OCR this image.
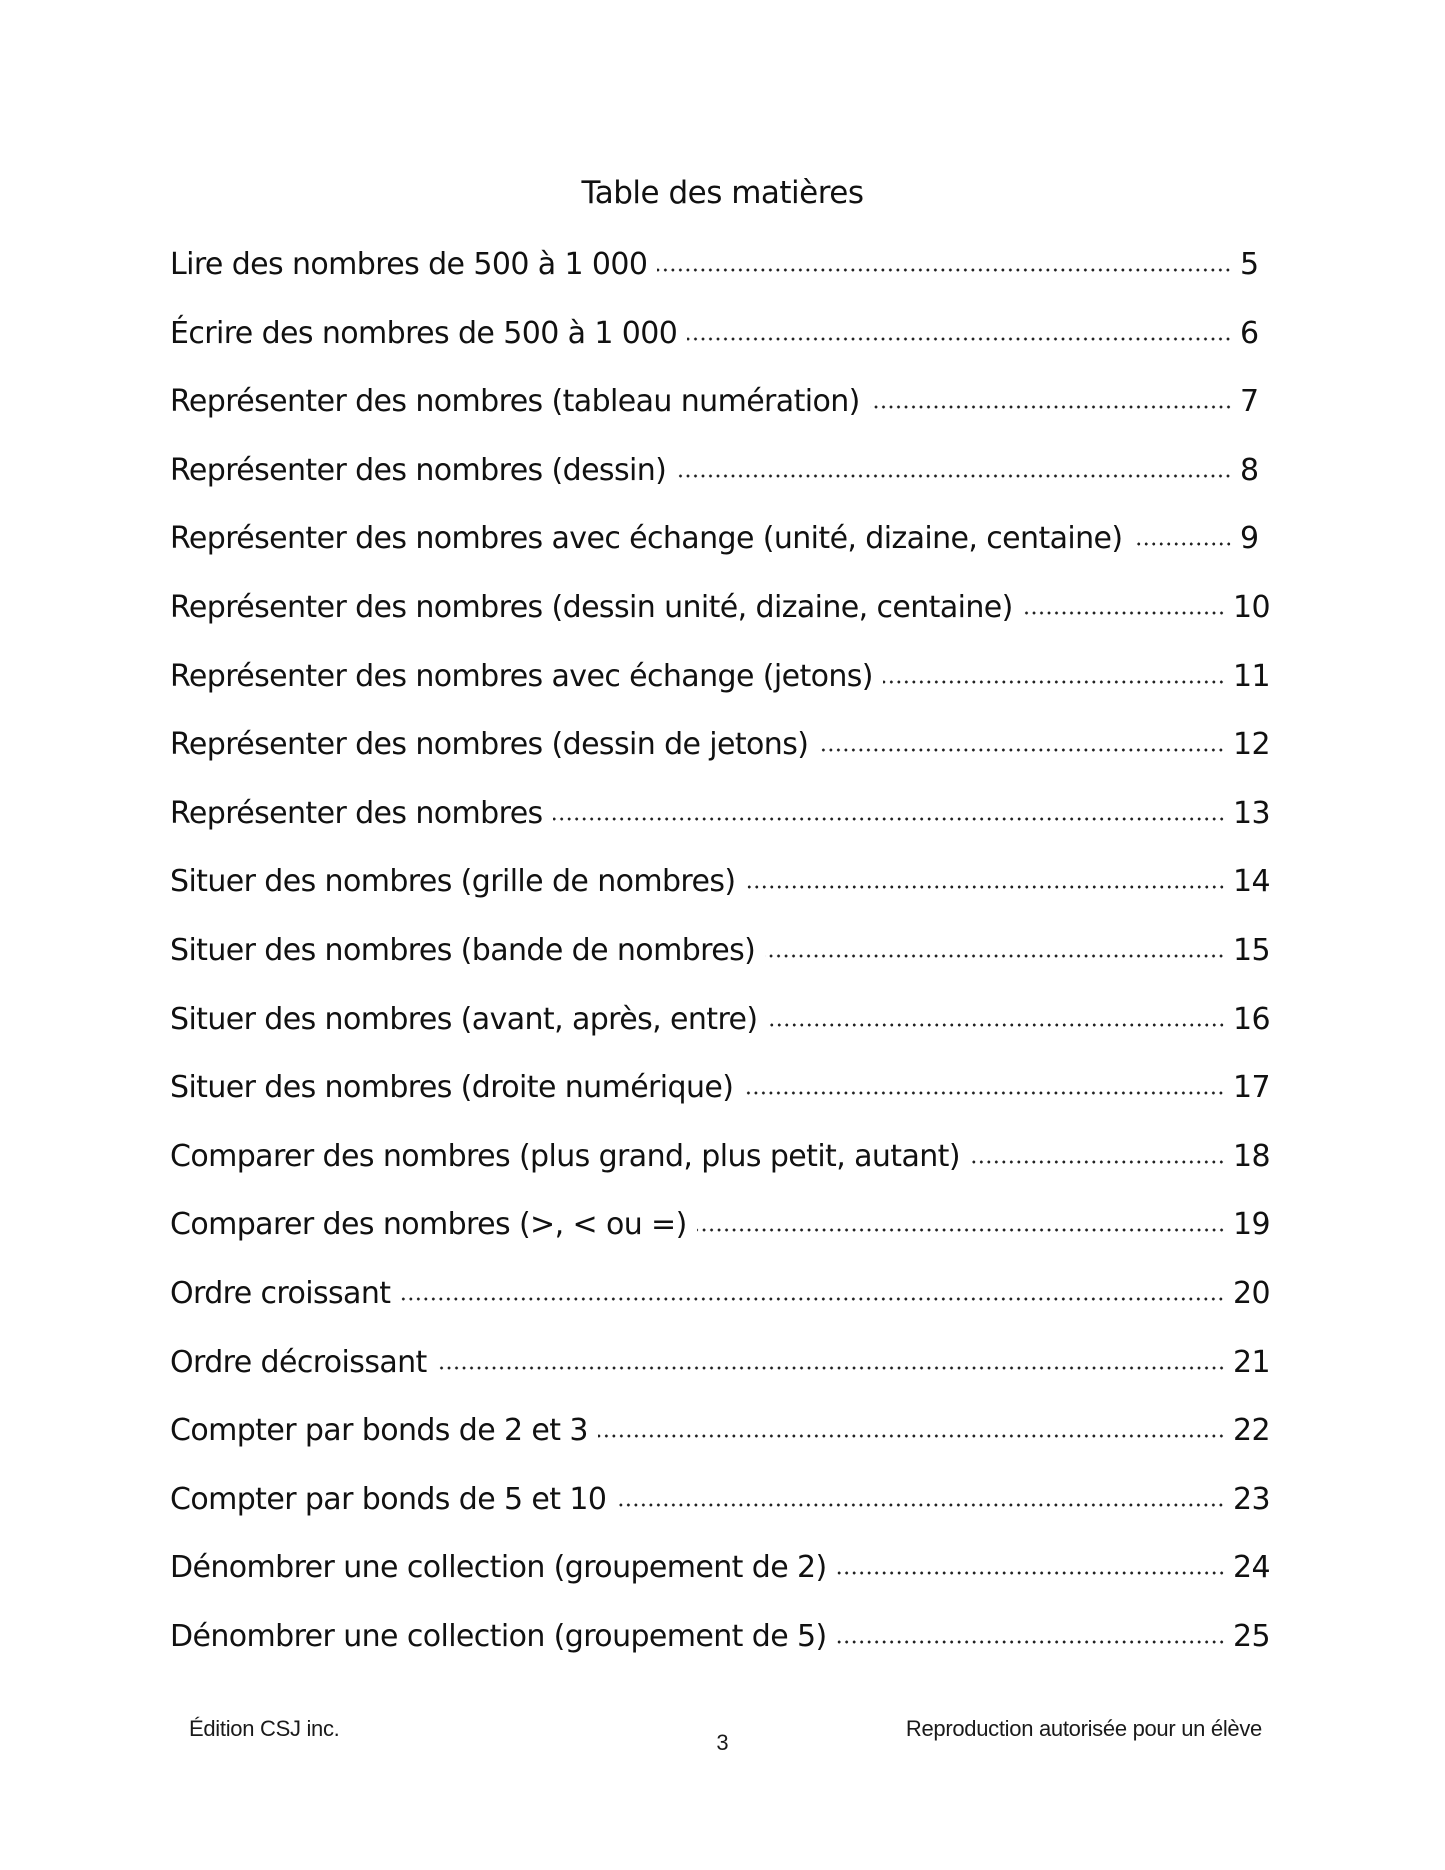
Table des matières
Lire des nombres de 500 à 1 000	5
Écrire des nombres de 500 à 1 000	6
Représenter des nombres (tableau numération)	7
Représenter des nombres (dessin)	8
Représenter des nombres avec échange (unité, dizaine, centaine)	9
Représenter des nombres (dessin unité, dizaine, centaine)	10
Représenter des nombres avec échange (jetons)	11
Représenter des nombres (dessin de jetons)	12
Représenter des nombres	13
Situer des nombres (grille de nombres)	14
Situer des nombres (bande de nombres)	15
Situer des nombres (avant, après, entre)	16
Situer des nombres (droite numérique)	17
Comparer des nombres (plus grand, plus petit, autant)	18
Comparer des nombres (>, < ou =)	19
Ordre croissant	20
Ordre décroissant	21
Compter par bonds de 2 et 3	22
Compter par bonds de 5 et 10	23
Dénombrer une collection (groupement de 2)	24
Dénombrer une collection (groupement de 5)	25
Édition CSJ inc.
3
Reproduction autorisée pour un élève
